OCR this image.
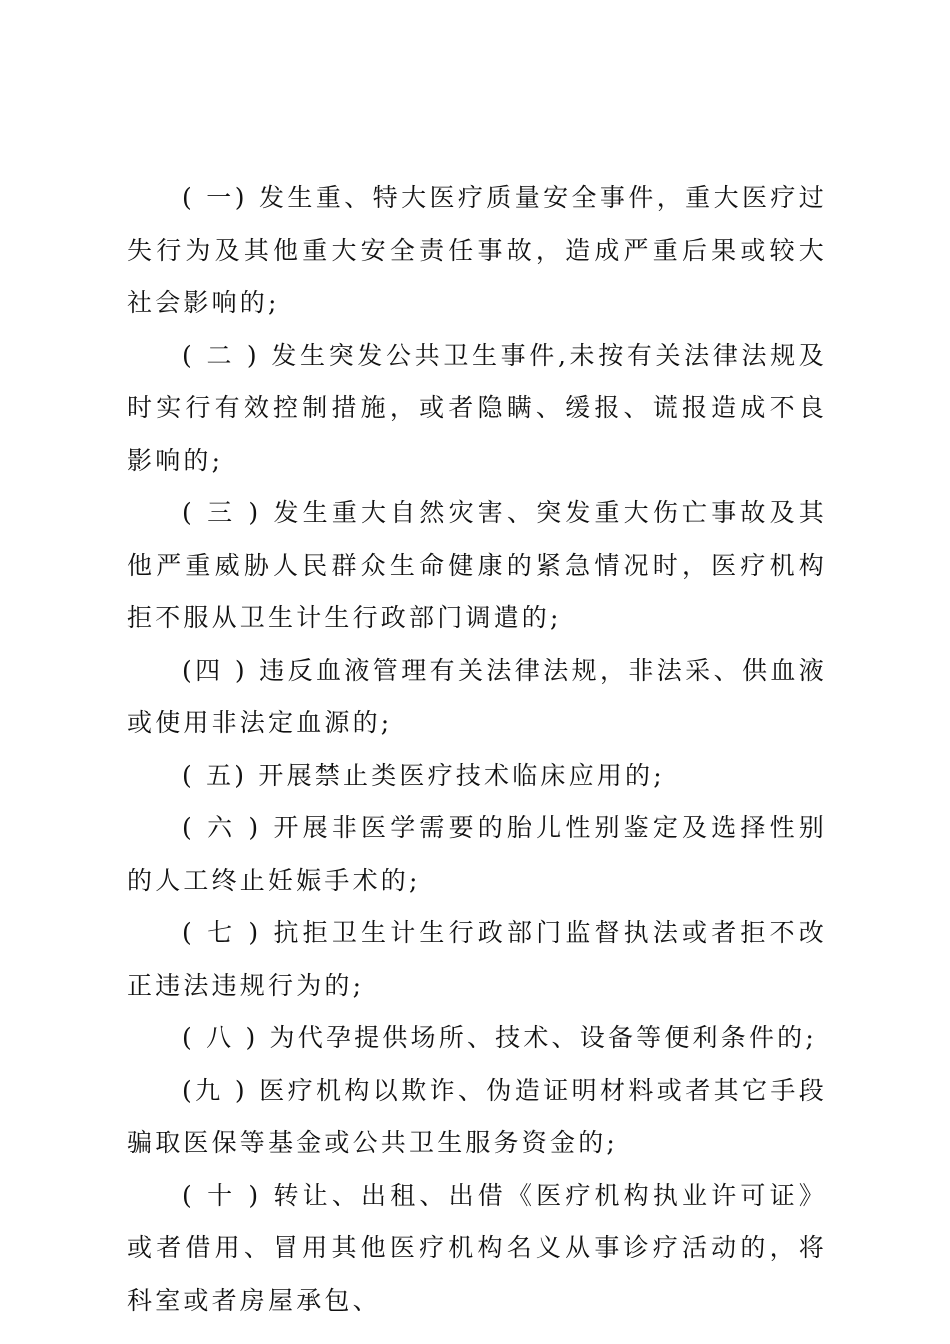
( 一) 发生重、特大医疗质量安全事件，重大医疗过失行为及其他重大安全责任事故，造成严重后果或较大社会影响的;

( 二 ) 发生突发公共卫生事件,未按有关法律法规及时实行有效控制措施，或者隐瞒、缓报、谎报造成不良影响的;

( 三 ) 发生重大自然灾害、突发重大伤亡事故及其他严重威胁人民群众生命健康的紧急情况时，医疗机构拒不服从卫生计生行政部门调遣的;

(四 ) 违反血液管理有关法律法规，非法采、供血液或使用非法定血源的;

( 五) 开展禁止类医疗技术临床应用的;

( 六 ) 开展非医学需要的胎儿性别鉴定及选择性别的人工终止妊娠手术的;

( 七 ) 抗拒卫生计生行政部门监督执法或者拒不改正违法违规行为的;

( 八 ) 为代孕提供场所、技术、设备等便利条件的;

(九 ) 医疗机构以欺诈、伪造证明材料或者其它手段骗取医保等基金或公共卫生服务资金的;

( 十 ) 转让、出租、出借《医疗机构执业许可证》或者借用、冒用其他医疗机构名义从事诊疗活动的，将科室或者房屋承包、
